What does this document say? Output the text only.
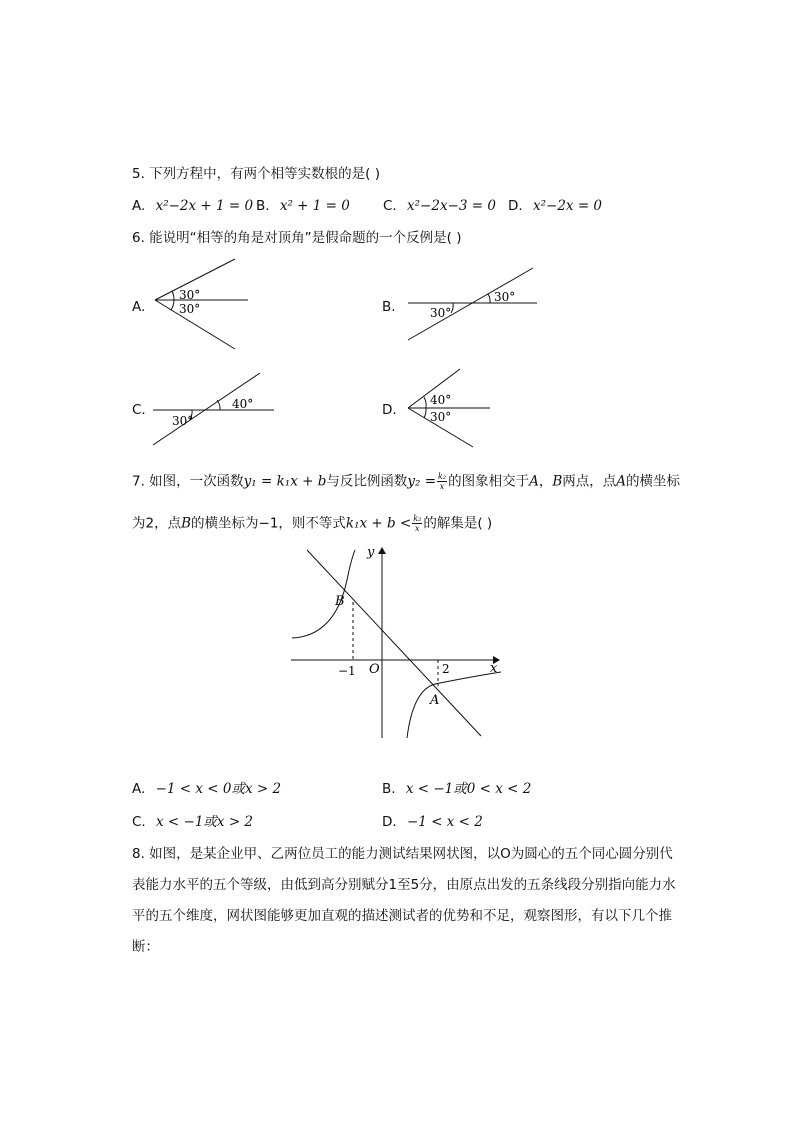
5. 下列方程中，有两个相等实数根的是( )
A. x²−2x + 1 = 0 B. x² + 1 = 0 C. x²−2x−3 = 0 D. x²−2x = 0
6. 能说明“相等的角是对顶角”是假命题的一个反例是( )
A.
30°
30°	B.
30°
30°
C.	40°
30°
D.
40°
30°
7. 如图，一次函数y₁ = k₁x + b与反比例函数$y_2 = \frac{\text{k₂}}{x}$ 的图象相交于A，B两点，点A的横坐标
为2，点B的横坐标为−1，则不等式$k_1x + b < \frac{\text{k₂}}{x}$ 的解集是( )
y
x
O
B
A
−1	2
A. −1 < x < 0或x > 2	B. x < −1或0 < x < 2
C. x < −1或x > 2	D. −1 < x < 2
8. 如图，是某企业甲、乙两位员工的能力测试结果网状图，以O为圆心的五个同心圆分别代
表能力水平的五个等级，由低到高分别赋分1至5分，由原点出发的五条线段分别指向能力水
平的五个维度，网状图能够更加直观的描述测试者的优势和不足，观察图形，有以下几个推
断：
